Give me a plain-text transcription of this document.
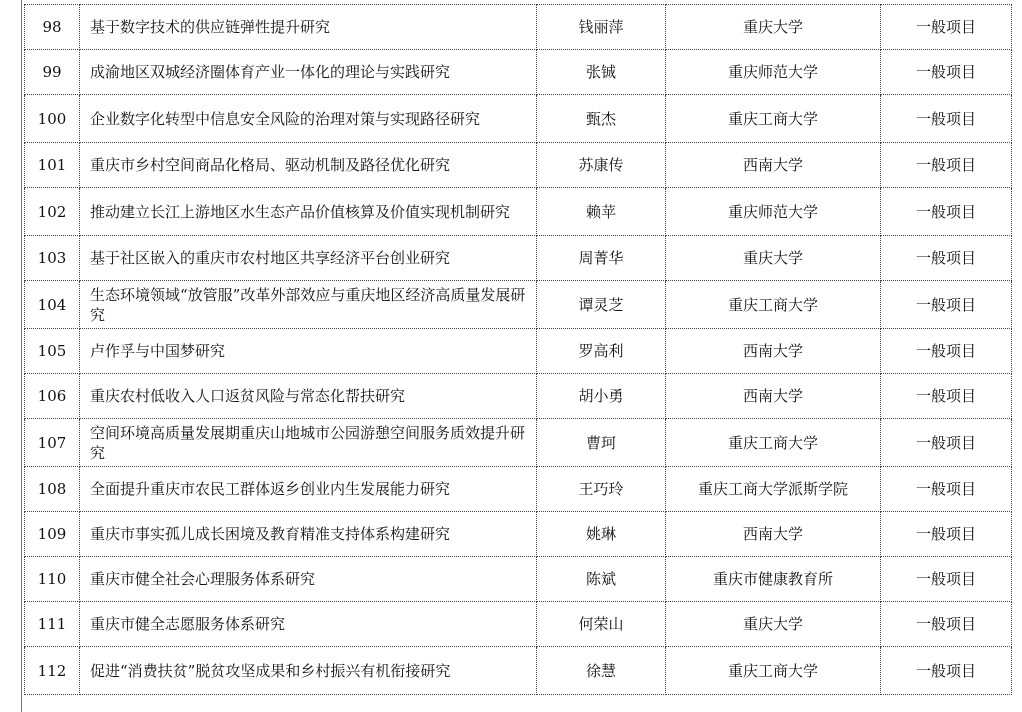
98	基于数字技术的供应链弹性提升研究	钱丽萍	重庆大学	一般项目
99	成渝地区双城经济圈体育产业一体化的理论与实践研究	张铖	重庆师范大学	一般项目
100	企业数字化转型中信息安全风险的治理对策与实现路径研究	甄杰	重庆工商大学	一般项目
101	重庆市乡村空间商品化格局、驱动机制及路径优化研究	苏康传	西南大学	一般项目
102	推动建立长江上游地区水生态产品价值核算及价值实现机制研究	赖苹	重庆师范大学	一般项目
103	基于社区嵌入的重庆市农村地区共享经济平台创业研究	周菁华	重庆大学	一般项目
104	生态环境领域“放管服”改革外部效应与重庆地区经济高质量发展研究	谭灵芝	重庆工商大学	一般项目
105	卢作孚与中国梦研究	罗高利	西南大学	一般项目
106	重庆农村低收入人口返贫风险与常态化帮扶研究	胡小勇	西南大学	一般项目
107	空间环境高质量发展期重庆山地城市公园游憩空间服务质效提升研究	曹珂	重庆工商大学	一般项目
108	全面提升重庆市农民工群体返乡创业内生发展能力研究	王巧玲	重庆工商大学派斯学院	一般项目
109	重庆市事实孤儿成长困境及教育精准支持体系构建研究	姚琳	西南大学	一般项目
110	重庆市健全社会心理服务体系研究	陈斌	重庆市健康教育所	一般项目
111	重庆市健全志愿服务体系研究	何荣山	重庆大学	一般项目
112	促进“消费扶贫”脱贫攻坚成果和乡村振兴有机衔接研究	徐慧	重庆工商大学	一般项目
